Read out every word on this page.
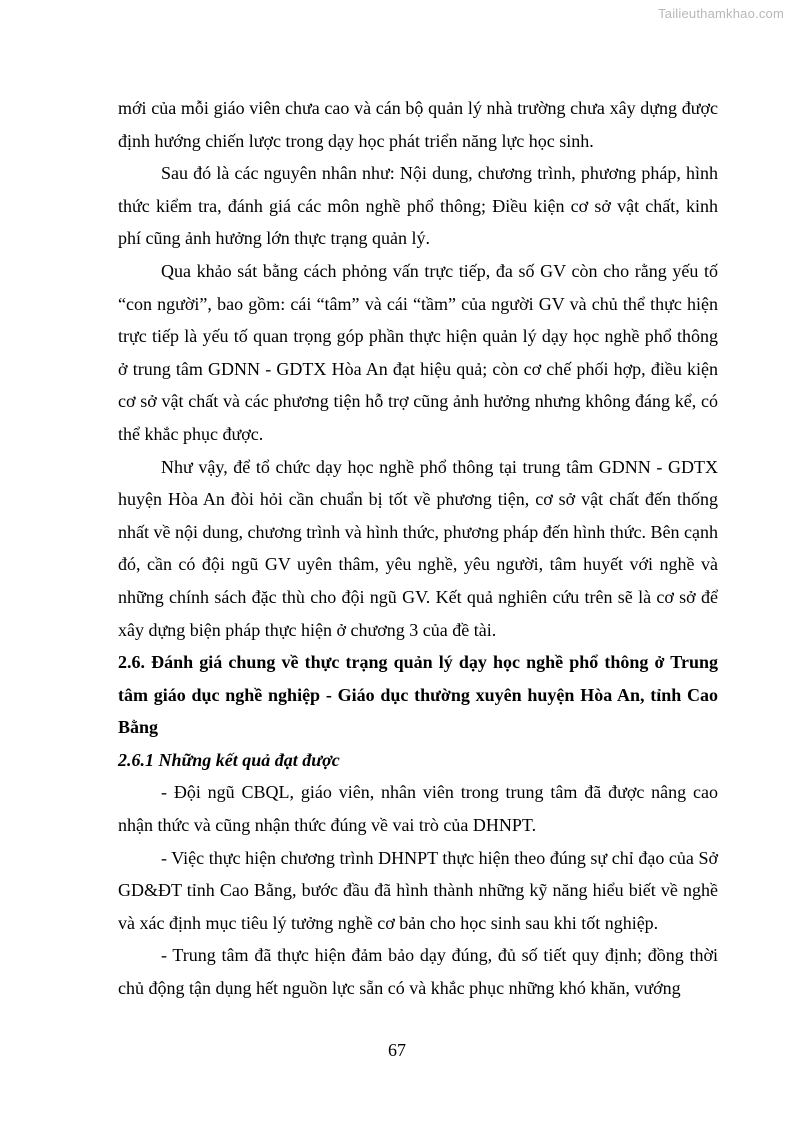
Tailieuthamkhao.com

mới của mỗi giáo viên chưa cao và cán bộ quản lý nhà trường chưa xây dựng được định hướng chiến lược trong dạy học phát triển năng lực học sinh.

Sau đó là các nguyên nhân như: Nội dung, chương trình, phương pháp, hình thức kiểm tra, đánh giá các môn nghề phổ thông; Điều kiện cơ sở vật chất, kinh phí cũng ảnh hưởng lớn thực trạng quản lý.

Qua khảo sát bằng cách phỏng vấn trực tiếp, đa số GV còn cho rằng yếu tố “con người”, bao gồm: cái “tâm” và cái “tầm” của người GV và chủ thể thực hiện trực tiếp là yếu tố quan trọng góp phần thực hiện quản lý dạy học nghề phổ thông ở trung tâm GDNN - GDTX Hòa An đạt hiệu quả; còn cơ chế phối hợp, điều kiện cơ sở vật chất và các phương tiện hỗ trợ cũng ảnh hưởng nhưng không đáng kể, có thể khắc phục được.

Như vậy, để tổ chức dạy học nghề phổ thông tại trung tâm GDNN - GDTX huyện Hòa An đòi hỏi cần chuẩn bị tốt về phương tiện, cơ sở vật chất đến thống nhất về nội dung, chương trình và hình thức, phương pháp đến hình thức. Bên cạnh đó, cần có đội ngũ GV uyên thâm, yêu nghề, yêu người, tâm huyết với nghề và những chính sách đặc thù cho đội ngũ GV. Kết quả nghiên cứu trên sẽ là cơ sở để xây dựng biện pháp thực hiện ở chương 3 của đề tài.

2.6. Đánh giá chung về thực trạng quản lý dạy học nghề phổ thông ở Trung tâm giáo dục nghề nghiệp - Giáo dục thường xuyên huyện Hòa An, tỉnh Cao Bằng

2.6.1 Những kết quả đạt được

- Đội ngũ CBQL, giáo viên, nhân viên trong trung tâm đã được nâng cao nhận thức và cũng nhận thức đúng về vai trò của DHNPT.

- Việc thực hiện chương trình DHNPT thực hiện theo đúng sự chỉ đạo của Sở GD&ĐT tỉnh Cao Bằng, bước đầu đã hình thành những kỹ năng hiểu biết về nghề và xác định mục tiêu lý tưởng nghề cơ bản cho học sinh sau khi tốt nghiệp.

- Trung tâm đã thực hiện đảm bảo dạy đúng, đủ số tiết quy định; đồng thời chủ động tận dụng hết nguồn lực sẵn có và khắc phục những khó khăn, vướng

67
